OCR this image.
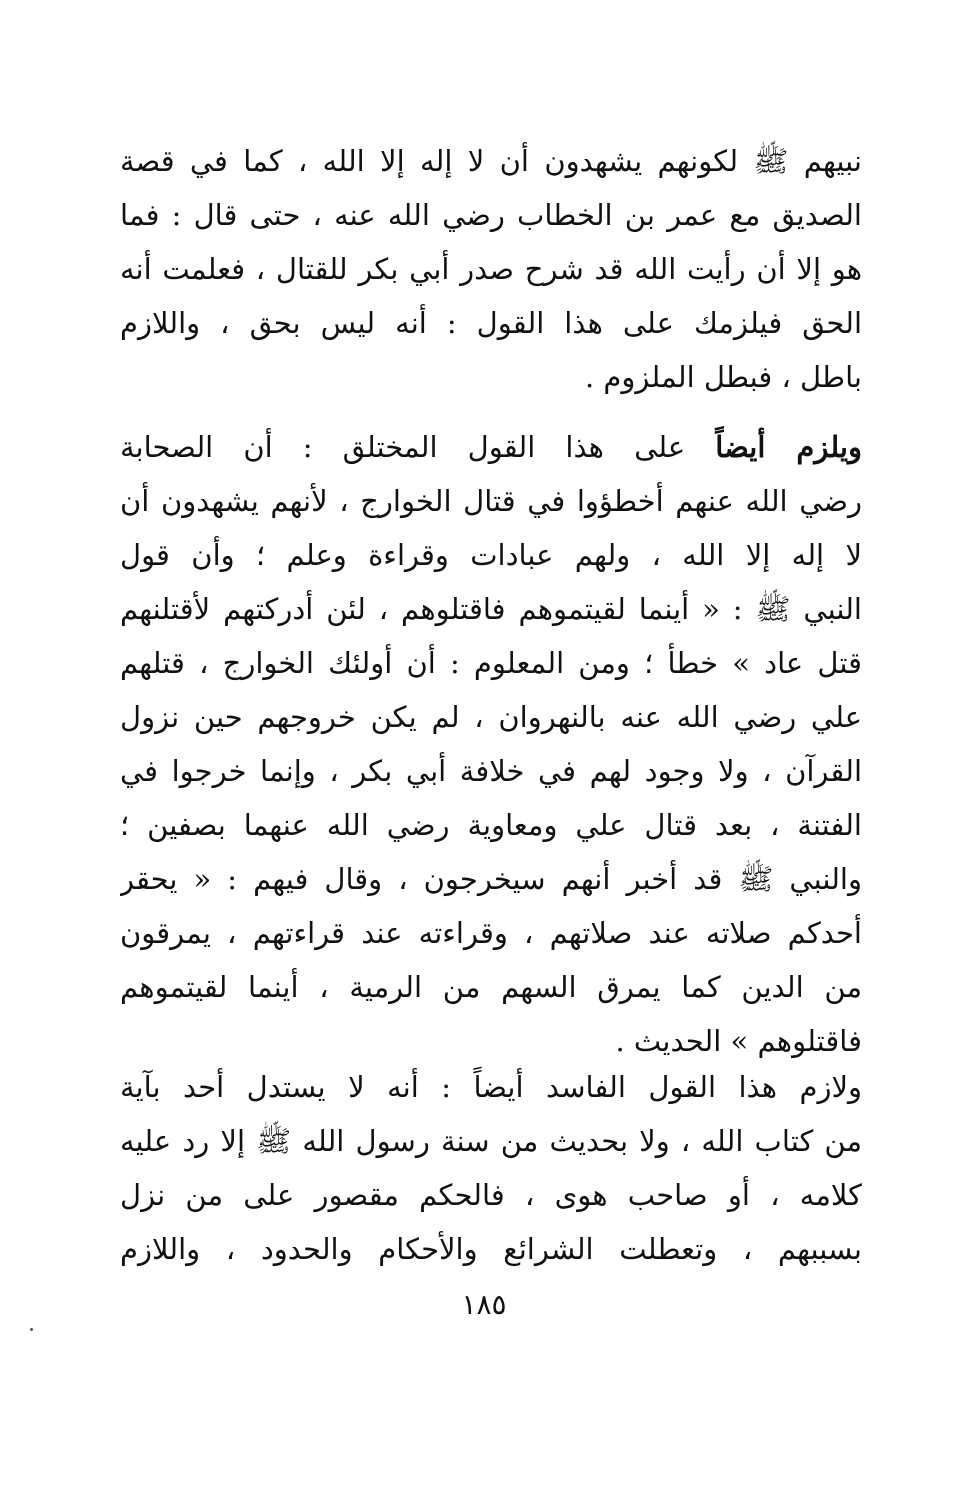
نبيهم ﷺ لكونهم يشهدون أن لا إله إلا الله ، كما في قصة
الصديق مع عمر بن الخطاب رضي الله عنه ، حتى قال : فما
هو إلا أن رأيت الله قد شرح صدر أبي بكر للقتال ، فعلمت أنه
الحق فيلزمك على هذا القول : أنه ليس بحق ، واللازم
باطل ، فبطل الملزوم .
ويلزم أيضاً على هذا القول المختلق : أن الصحابة
رضي الله عنهم أخطؤوا في قتال الخوارج ، لأنهم يشهدون أن
لا إله إلا الله ، ولهم عبادات وقراءة وعلم ؛ وأن قول
النبي ﷺ : « أينما لقيتموهم فاقتلوهم ، لئن أدركتهم لأقتلنهم
قتل عاد » خطأ ؛ ومن المعلوم : أن أولئك الخوارج ، قتلهم
علي رضي الله عنه بالنهروان ، لم يكن خروجهم حين نزول
القرآن ، ولا وجود لهم في خلافة أبي بكر ، وإنما خرجوا في
الفتنة ، بعد قتال علي ومعاوية رضي الله عنهما بصفين ؛
والنبي ﷺ قد أخبر أنهم سيخرجون ، وقال فيهم : « يحقر
أحدكم صلاته عند صلاتهم ، وقراءته عند قراءتهم ، يمرقون
من الدين كما يمرق السهم من الرمية ، أينما لقيتموهم
فاقتلوهم » الحديث .
ولازم هذا القول الفاسد أيضاً : أنه لا يستدل أحد بآية
من كتاب الله ، ولا بحديث من سنة رسول الله ﷺ إلا رد عليه
كلامه ، أو صاحب هوى ، فالحكم مقصور على من نزل
بسببهم ، وتعطلت الشرائع والأحكام والحدود ، واللازم
١٨٥
